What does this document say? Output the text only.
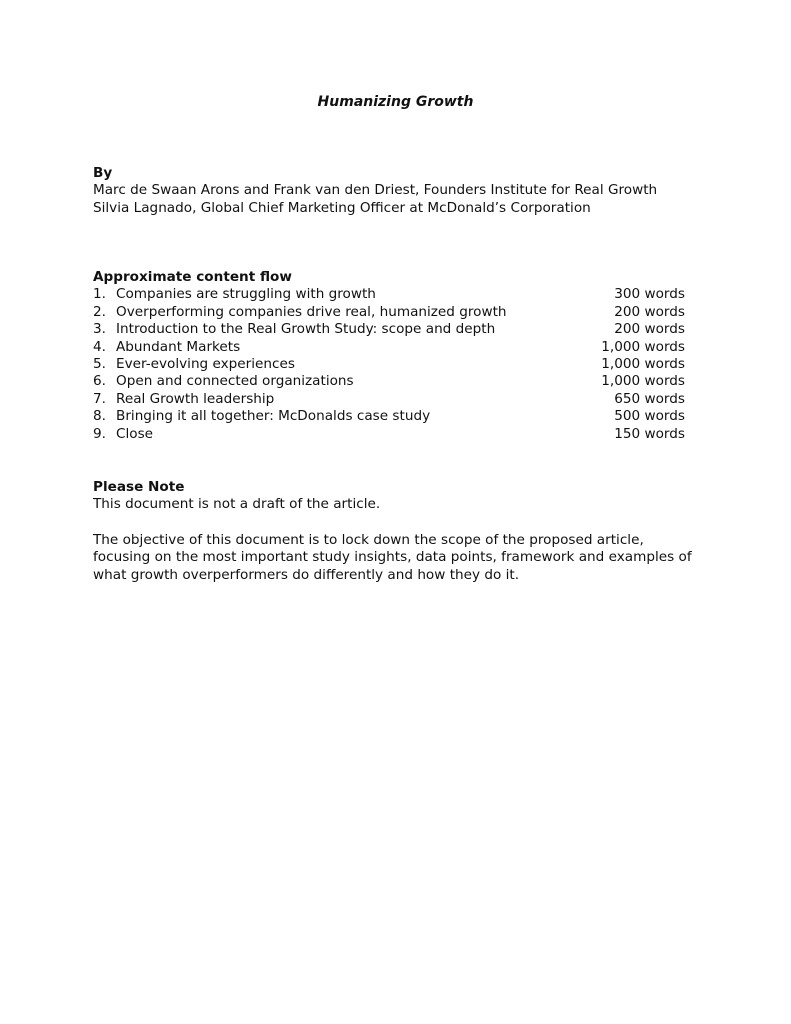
Humanizing Growth
By
Marc de Swaan Arons and Frank van den Driest, Founders Institute for Real Growth
Silvia Lagnado, Global Chief Marketing Officer at McDonald’s Corporation
Approximate content flow
1. Companies are struggling with growth	300 words
2. Overperforming companies drive real, humanized growth	200 words
3. Introduction to the Real Growth Study: scope and depth	200 words
4. Abundant Markets	1,000 words
5. Ever-evolving experiences	1,000 words
6. Open and connected organizations	1,000 words
7. Real Growth leadership	650 words
8. Bringing it all together: McDonalds case study	500 words
9. Close	150 words
Please Note
This document is not a draft of the article.
The objective of this document is to lock down the scope of the proposed article, focusing on the most important study insights, data points, framework and examples of what growth overperformers do differently and how they do it.
